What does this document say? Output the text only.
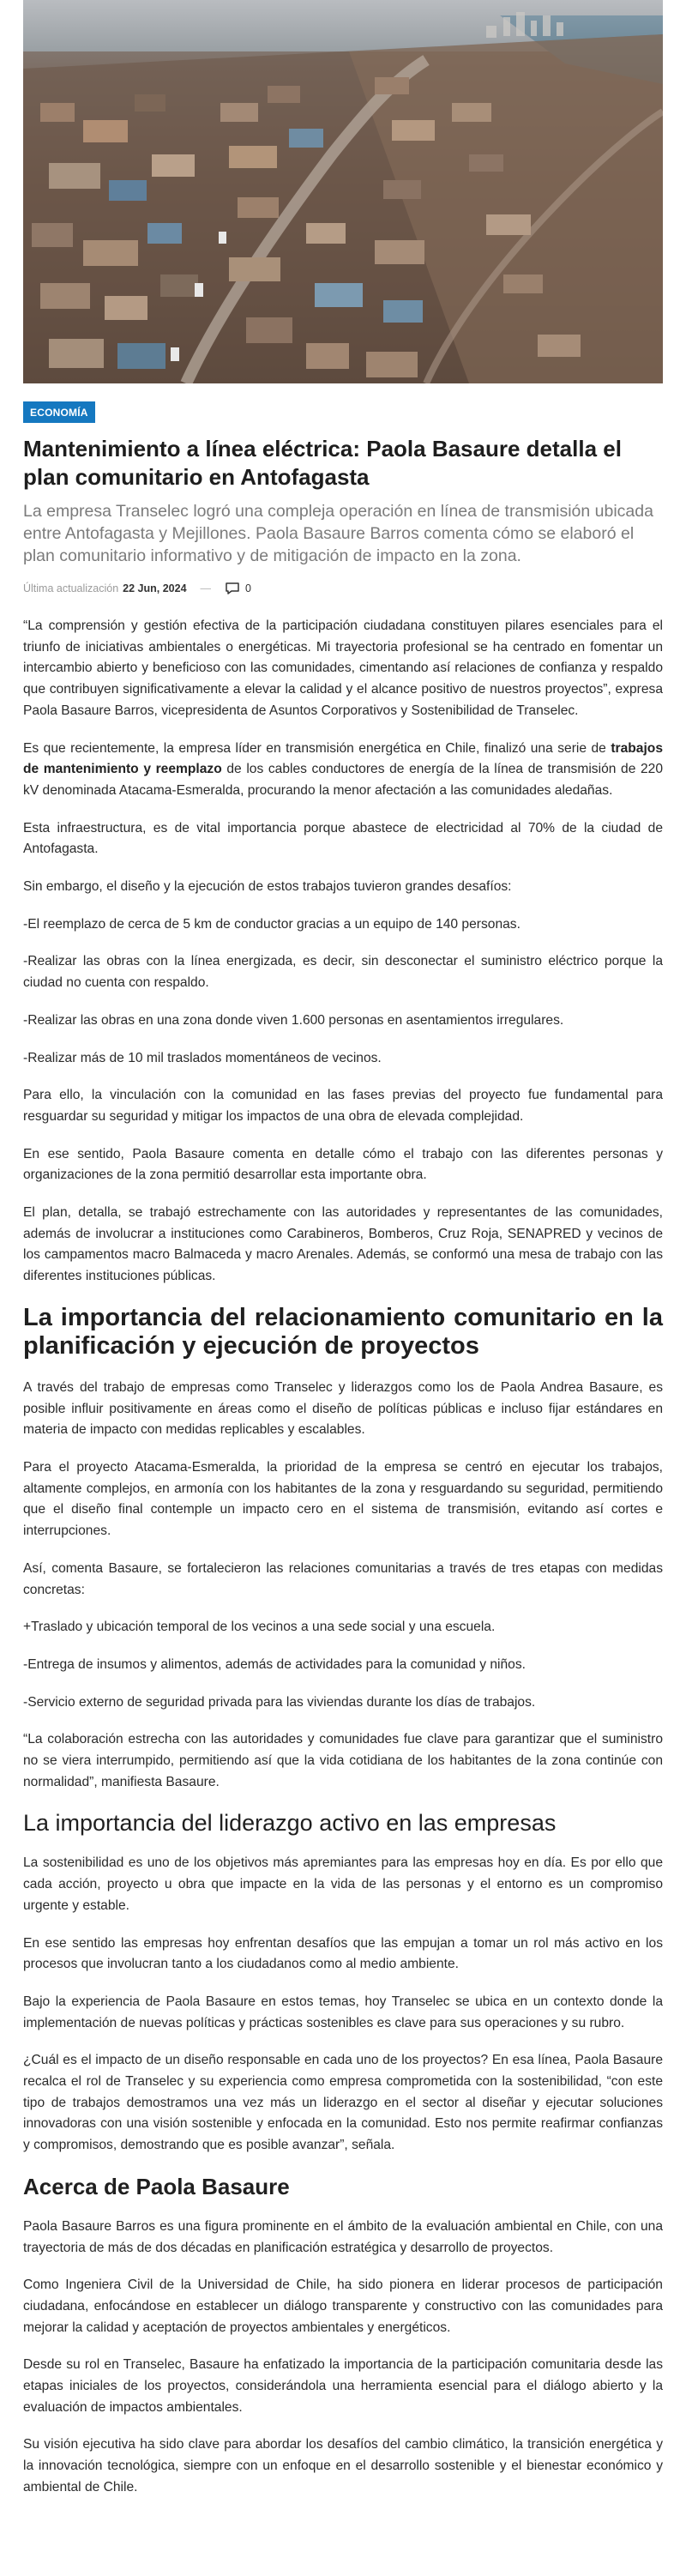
ECONOMÍA
Mantenimiento a línea eléctrica: Paola Basaure detalla el plan comunitario en Antofagasta

La empresa Transelec logró una compleja operación en línea de transmisión ubicada entre Antofagasta y Mejillones. Paola Basaure Barros comenta cómo se elaboró el plan comunitario informativo y de mitigación de impacto en la zona.

Última actualización 22 Jun, 2024 —	0

“La comprensión y gestión efectiva de la participación ciudadana constituyen pilares esenciales para el triunfo de iniciativas ambientales o energéticas. Mi trayectoria profesional se ha centrado en fomentar un intercambio abierto y beneficioso con las comunidades, cimentando así relaciones de confianza y respaldo que contribuyen significativamente a elevar la calidad y el alcance positivo de nuestros proyectos”, expresa Paola Basaure Barros, vicepresidenta de Asuntos Corporativos y Sostenibilidad de Transelec.

Es que recientemente, la empresa líder en transmisión energética en Chile, finalizó una serie de trabajos de mantenimiento y reemplazo de los cables conductores de energía de la línea de transmisión de 220 kV denominada Atacama-Esmeralda, procurando la menor afectación a las comunidades aledañas.

Esta infraestructura, es de vital importancia porque abastece de electricidad al 70% de la ciudad de Antofagasta.

Sin embargo, el diseño y la ejecución de estos trabajos tuvieron grandes desafíos:

-El reemplazo de cerca de 5 km de conductor gracias a un equipo de 140 personas.

-Realizar las obras con la línea energizada, es decir, sin desconectar el suministro eléctrico porque la ciudad no cuenta con respaldo.

-Realizar las obras en una zona donde viven 1.600 personas en asentamientos irregulares.

-Realizar más de 10 mil traslados momentáneos de vecinos.

Para ello, la vinculación con la comunidad en las fases previas del proyecto fue fundamental para resguardar su seguridad y mitigar los impactos de una obra de elevada complejidad.

En ese sentido, Paola Basaure comenta en detalle cómo el trabajo con las diferentes personas y organizaciones de la zona permitió desarrollar esta importante obra.

El plan, detalla, se trabajó estrechamente con las autoridades y representantes de las comunidades, además de involucrar a instituciones como Carabineros, Bomberos, Cruz Roja, SENAPRED y vecinos de los campamentos macro Balmaceda y macro Arenales. Además, se conformó una mesa de trabajo con las diferentes instituciones públicas.

La importancia del relacionamiento comunitario en la planificación y ejecución de proyectos

A través del trabajo de empresas como Transelec y liderazgos como los de Paola Andrea Basaure, es posible influir positivamente en áreas como el diseño de políticas públicas e incluso fijar estándares en materia de impacto con medidas replicables y escalables.

Para el proyecto Atacama-Esmeralda, la prioridad de la empresa se centró en ejecutar los trabajos, altamente complejos, en armonía con los habitantes de la zona y resguardando su seguridad, permitiendo que el diseño final contemple un impacto cero en el sistema de transmisión, evitando así cortes e interrupciones.

Así, comenta Basaure, se fortalecieron las relaciones comunitarias a través de tres etapas con medidas concretas:

+Traslado y ubicación temporal de los vecinos a una sede social y una escuela.

-Entrega de insumos y alimentos, además de actividades para la comunidad y niños.

-Servicio externo de seguridad privada para las viviendas durante los días de trabajos.

“La colaboración estrecha con las autoridades y comunidades fue clave para garantizar que el suministro no se viera interrumpido, permitiendo así que la vida cotidiana de los habitantes de la zona continúe con normalidad”, manifiesta Basaure.

La importancia del liderazgo activo en las empresas

La sostenibilidad es uno de los objetivos más apremiantes para las empresas hoy en día. Es por ello que cada acción, proyecto u obra que impacte en la vida de las personas y el entorno es un compromiso urgente y estable.

En ese sentido las empresas hoy enfrentan desafíos que las empujan a tomar un rol más activo en los procesos que involucran tanto a los ciudadanos como al medio ambiente.

Bajo la experiencia de Paola Basaure en estos temas, hoy Transelec se ubica en un contexto donde la implementación de nuevas políticas y prácticas sostenibles es clave para sus operaciones y su rubro.

¿Cuál es el impacto de un diseño responsable en cada uno de los proyectos? En esa línea, Paola Basaure recalca el rol de Transelec y su experiencia como empresa comprometida con la sostenibilidad, “con este tipo de trabajos demostramos una vez más un liderazgo en el sector al diseñar y ejecutar soluciones innovadoras con una visión sostenible y enfocada en la comunidad. Esto nos permite reafirmar confianzas y compromisos, demostrando que es posible avanzar”, señala.

Acerca de Paola Basaure

Paola Basaure Barros es una figura prominente en el ámbito de la evaluación ambiental en Chile, con una trayectoria de más de dos décadas en planificación estratégica y desarrollo de proyectos.

Como Ingeniera Civil de la Universidad de Chile, ha sido pionera en liderar procesos de participación ciudadana, enfocándose en establecer un diálogo transparente y constructivo con las comunidades para mejorar la calidad y aceptación de proyectos ambientales y energéticos.

Desde su rol en Transelec, Basaure ha enfatizado la importancia de la participación comunitaria desde las etapas iniciales de los proyectos, considerándola una herramienta esencial para el diálogo abierto y la evaluación de impactos ambientales.

Su visión ejecutiva ha sido clave para abordar los desafíos del cambio climático, la transición energética y la innovación tecnológica, siempre con un enfoque en el desarrollo sostenible y el bienestar económico y ambiental de Chile.
